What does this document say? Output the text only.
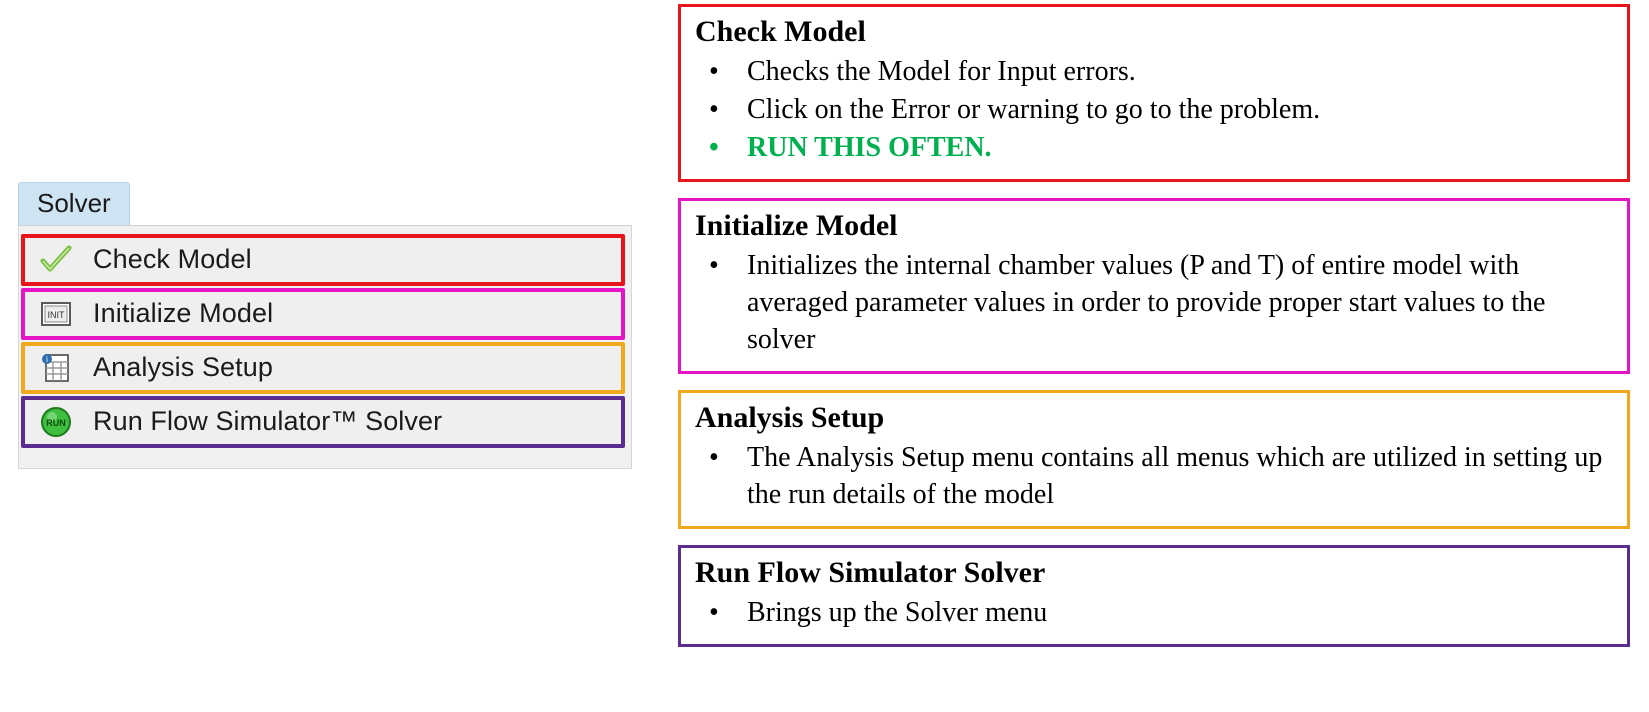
Solver
Check Model
INIT Initialize Model
i Analysis Setup
RUN Run Flow Simulator™ Solver
Check Model
• Checks the Model for Input errors.
• Click on the Error or warning to go to the problem.
• RUN THIS OFTEN.
Initialize Model
• Initializes the internal chamber values (P and T) of entire model with averaged parameter values in order to provide proper start values to the solver
Analysis Setup
• The Analysis Setup menu contains all menus which are utilized in setting up the run details of the model
Run Flow Simulator Solver
• Brings up the Solver menu
